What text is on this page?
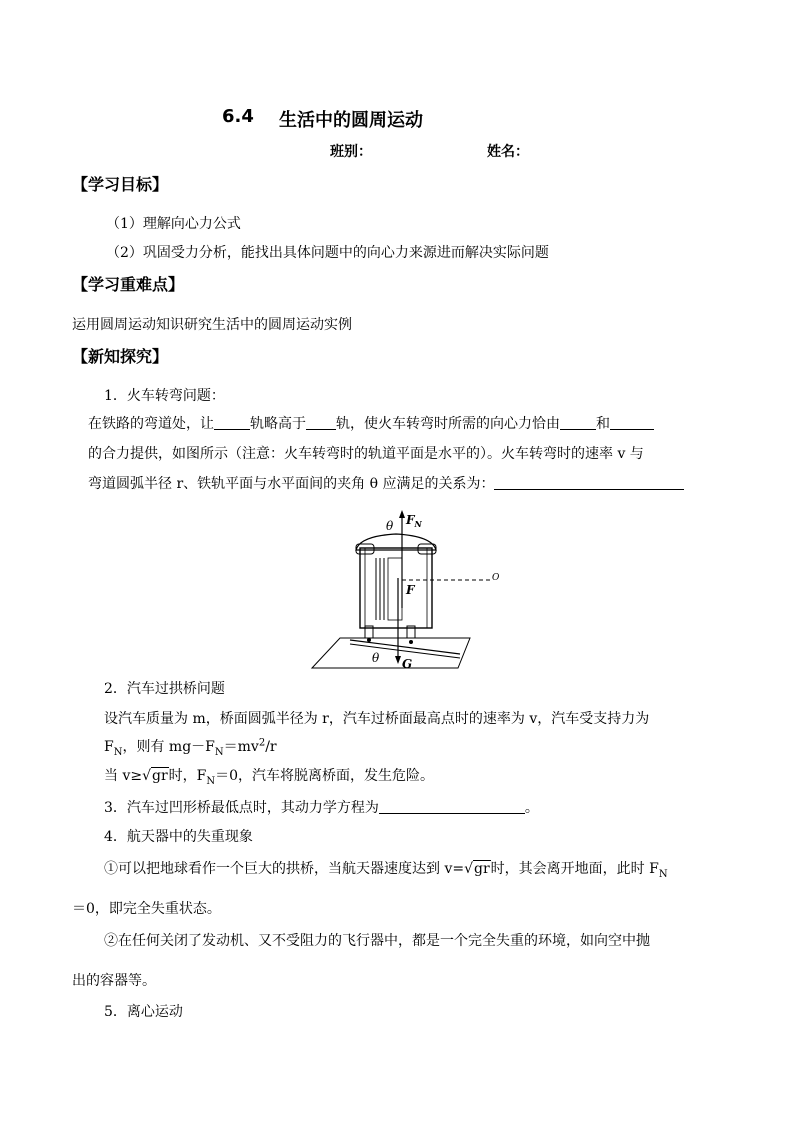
6.4 生活中的圆周运动
班别：	姓名：
【学习目标】
（1）理解向心力公式
（2）巩固受力分析，能找出具体问题中的向心力来源进而解决实际问题
【学习重难点】
运用圆周运动知识研究生活中的圆周运动实例
【新知探究】
1．火车转弯问题：
在铁路的弯道处，让	轨略高于 轨，使火车转弯时所需的向心力恰由	和
的合力提供，如图所示（注意：火车转弯时的轨道平面是水平的）。火车转弯时的速率 v 与
弯道圆弧半径 r、铁轨平面与水平面间的夹角 θ 应满足的关系为：
θ $F_N$
F
O
θ G
2．汽车过拱桥问题
设汽车质量为 m，桥面圆弧半径为 r，汽车过桥面最高点时的速率为 v，汽车受支持力为
$F_N$，则有 $mg-F_N=mv^2/r$
当 v≥√gr时，$F_N=0$，汽车将脱离桥面，发生危险。
3．汽车过凹形桥最低点时，其动力学方程为	。
4．航天器中的失重现象
①可以把地球看作一个巨大的拱桥，当航天器速度达到 v=√gr时，其会离开地面，此时 $F_N$
＝0，即完全失重状态。
②在任何关闭了发动机、又不受阻力的飞行器中，都是一个完全失重的环境，如向空中抛
出的容器等。
5．离心运动
